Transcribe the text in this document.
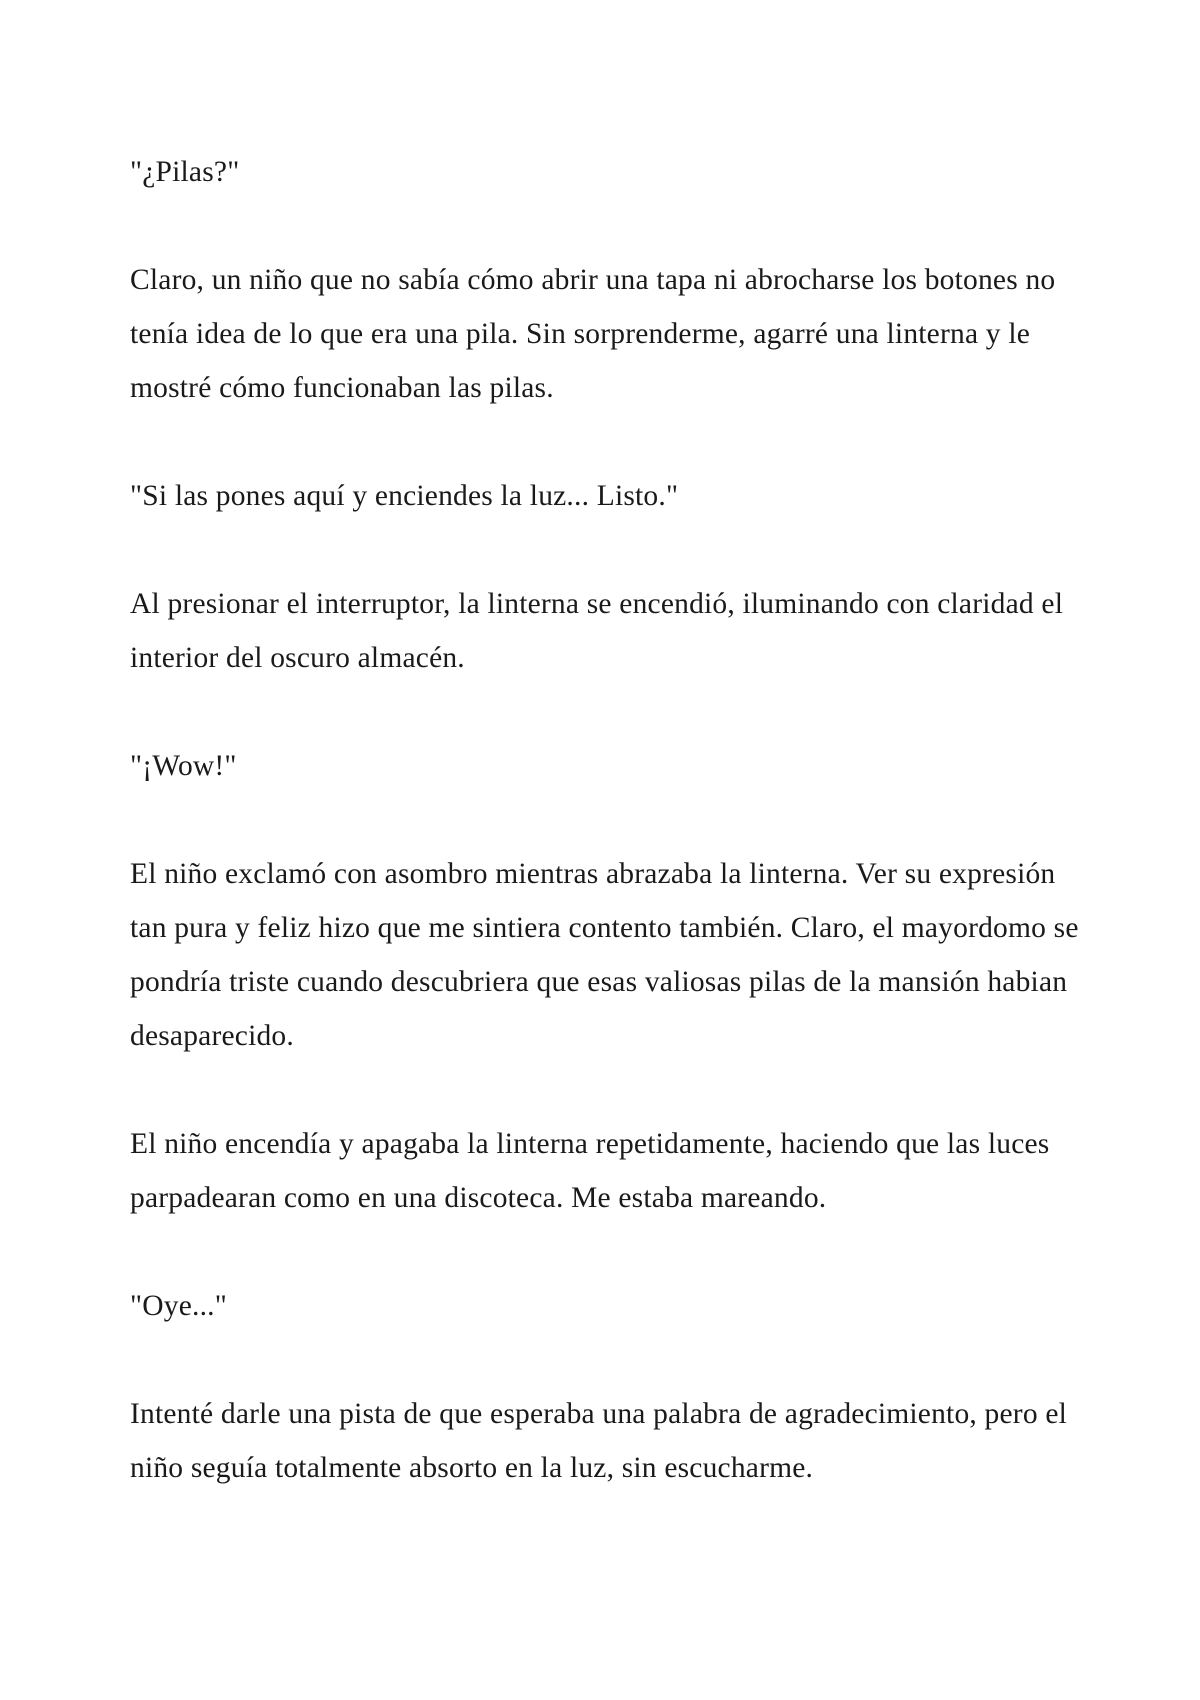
"¿Pilas?"

Claro, un niño que no sabía cómo abrir una tapa ni abrocharse los botones no tenía idea de lo que era una pila. Sin sorprenderme, agarré una linterna y le mostré cómo funcionaban las pilas.

"Si las pones aquí y enciendes la luz... Listo."

Al presionar el interruptor, la linterna se encendió, iluminando con claridad el interior del oscuro almacén.

"¡Wow!"

El niño exclamó con asombro mientras abrazaba la linterna. Ver su expresión tan pura y feliz hizo que me sintiera contento también. Claro, el mayordomo se pondría triste cuando descubriera que esas valiosas pilas de la mansión habian desaparecido.

El niño encendía y apagaba la linterna repetidamente, haciendo que las luces parpadearan como en una discoteca. Me estaba mareando.

"Oye..."

Intenté darle una pista de que esperaba una palabra de agradecimiento, pero el niño seguía totalmente absorto en la luz, sin escucharme.
